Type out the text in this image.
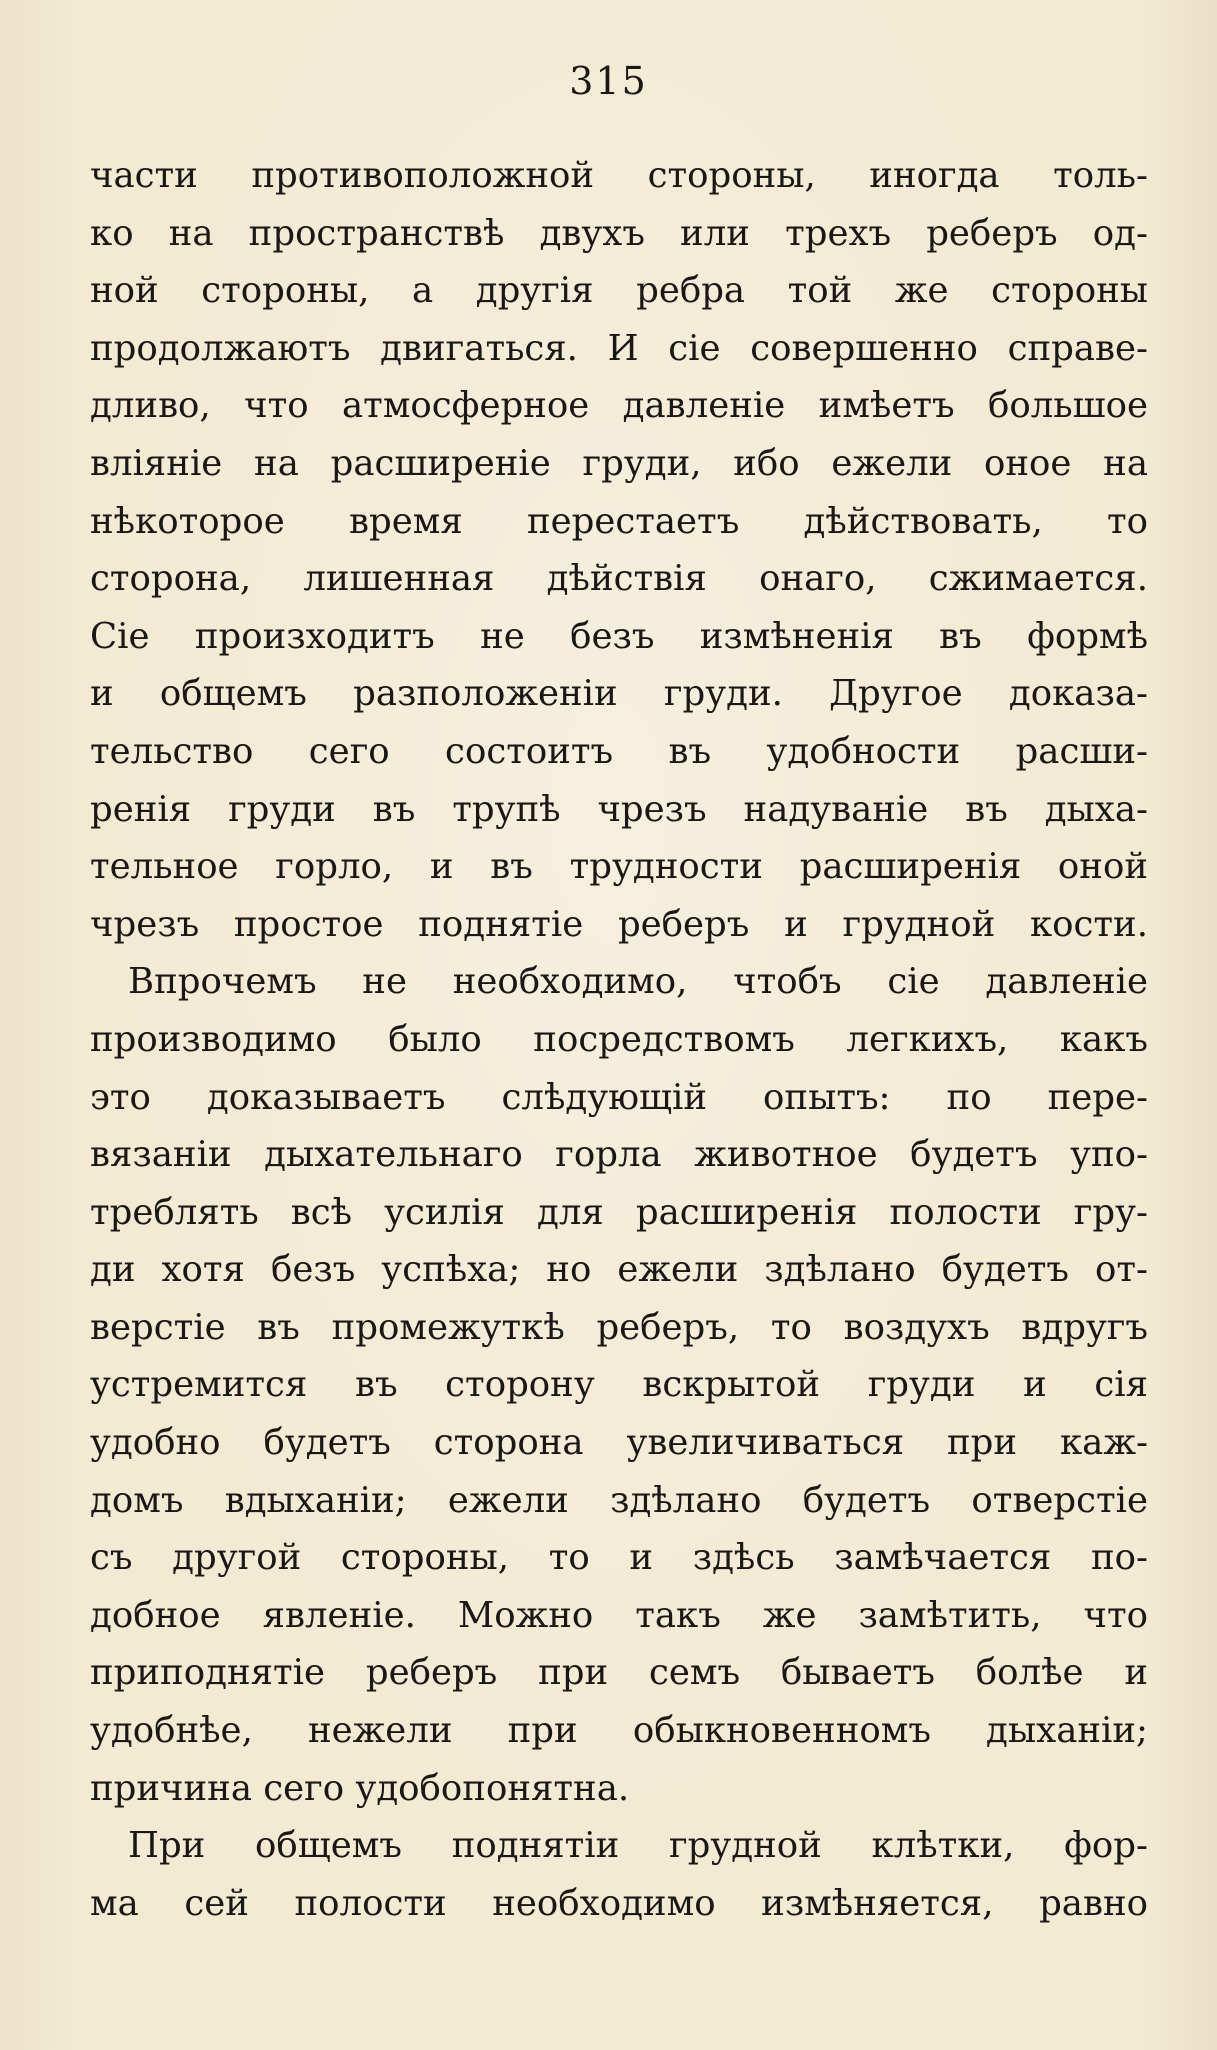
315
части противоположной стороны, иногда толь-
ко на пространствѣ двухъ или трехъ реберъ од-
ной стороны, а другія ребра той же стороны
продолжаютъ двигаться. И сіе совершенно справе-
дливо, что атмосферное давленіе имѣетъ большое
вліяніе на расширеніе груди, ибо ежели оное на
нѣкоторое время перестаетъ дѣйствовать, то
сторона, лишенная дѣйствія онаго, сжимается.
Сіе произходитъ не безъ измѣненія въ формѣ
и общемъ разположеніи груди. Другое доказа-
тельство сего состоитъ въ удобности расши-
ренія груди въ трупѣ чрезъ надуваніе въ дыха-
тельное горло, и въ трудности расширенія оной
чрезъ простое поднятіе реберъ и грудной кости.
Впрочемъ не необходимо, чтобъ сіе давленіе
производимо было посредствомъ легкихъ, какъ
это доказываетъ слѣдующій опытъ: по пере-
вязаніи дыхательнаго горла животное будетъ упо-
треблять всѣ усилія для расширенія полости гру-
ди хотя безъ успѣха; но ежели здѣлано будетъ от-
верстіе въ промежуткѣ реберъ, то воздухъ вдругъ
устремится въ сторону вскрытой груди и сія
удобно будетъ сторона увеличиваться при каж-
домъ вдыханіи; ежели здѣлано будетъ отверстіе
съ другой стороны, то и здѣсь замѣчается по-
добное явленіе. Можно такъ же замѣтить, что
приподнятіе реберъ при семъ бываетъ болѣе и
удобнѣе, нежели при обыкновенномъ дыханіи;
причина сего удобопонятна.
При общемъ поднятіи грудной клѣтки, фор-
ма сей полости необходимо измѣняется, равно
